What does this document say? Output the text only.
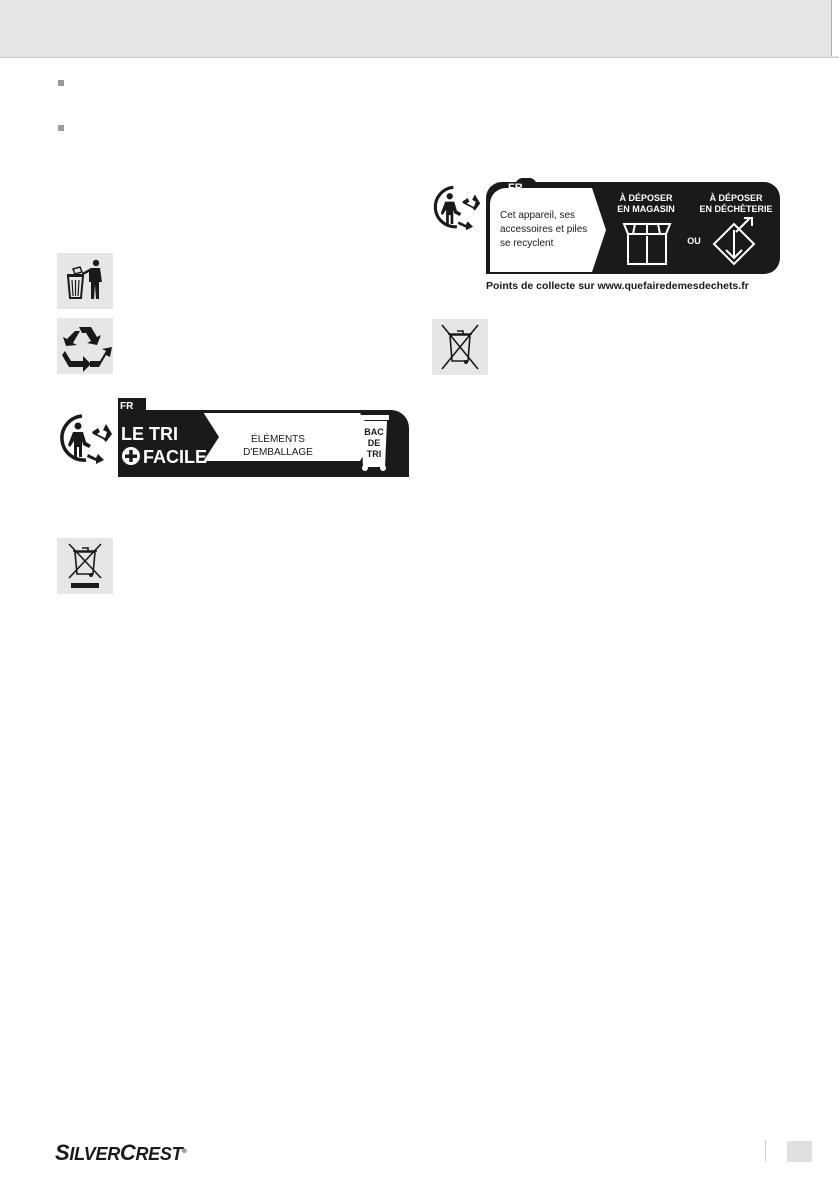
FR
LE TRI
FACILE
ÉLÉMENTS
D'EMBALLAGE
BAC
DE
TRI
FR
Cet appareil, ses
accessoires et piles
se recyclent
À DÉPOSER
EN MAGASIN
OU
À DÉPOSER
EN DÉCHÈTERIE
Points de collecte sur www.quefairedemesdechets.fr
SILVERCREST®
